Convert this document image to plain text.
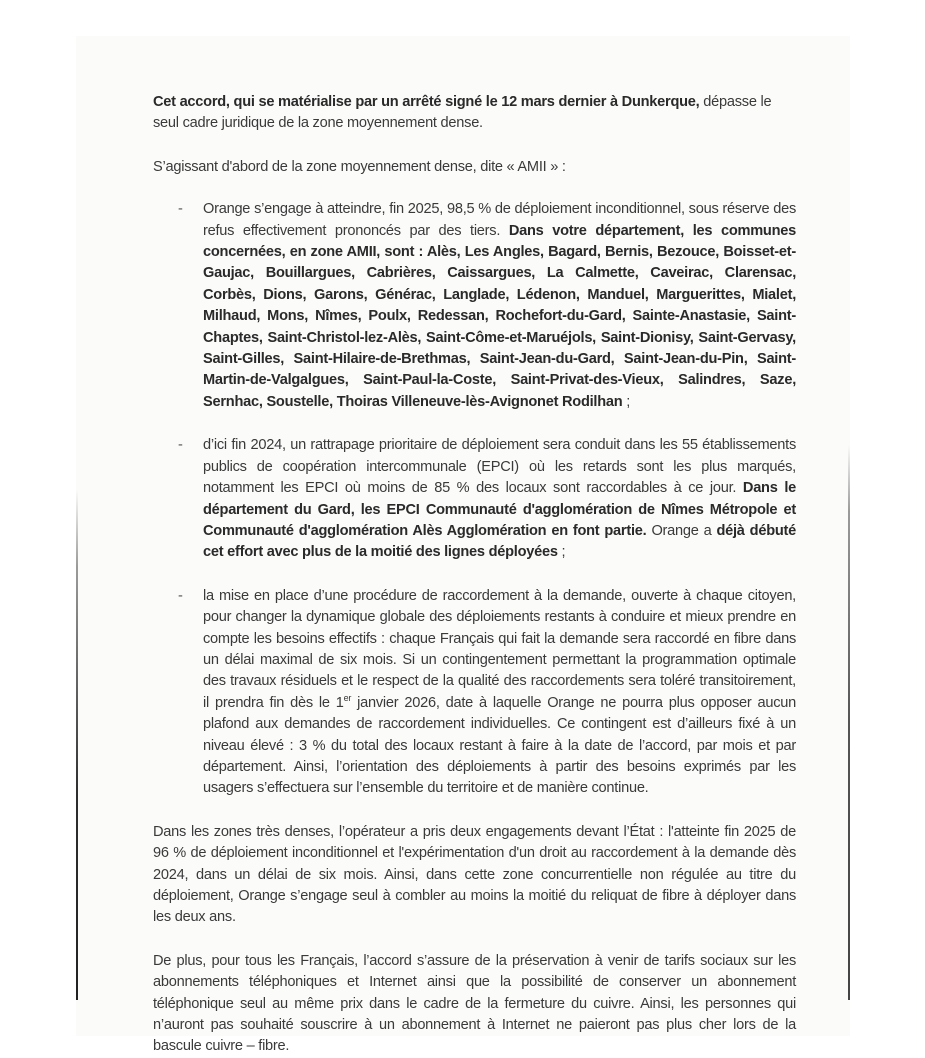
Cet accord, qui se matérialise par un arrêté signé le 12 mars dernier à Dunkerque, dépasse le seul cadre juridique de la zone moyennement dense.

S’agissant d'abord de la zone moyennement dense, dite « AMII » :

- Orange s’engage à atteindre, fin 2025, 98,5 % de déploiement inconditionnel, sous réserve des refus effectivement prononcés par des tiers. Dans votre département, les communes concernées, en zone AMII, sont : Alès, Les Angles, Bagard, Bernis, Bezouce, Boisset-et-Gaujac, Bouillargues, Cabrières, Caissargues, La Calmette, Caveirac, Clarensac, Corbès, Dions, Garons, Générac, Langlade, Lédenon, Manduel, Marguerittes, Mialet, Milhaud, Mons, Nîmes, Poulx, Redessan, Rochefort-du-Gard, Sainte-Anastasie, Saint-Chaptes, Saint-Christol-lez-Alès, Saint-Côme-et-Maruéjols, Saint-Dionisy, Saint-Gervasy, Saint-Gilles, Saint-Hilaire-de-Brethmas, Saint-Jean-du-Gard, Saint-Jean-du-Pin, Saint-Martin-de-Valgalgues, Saint-Paul-la-Coste, Saint-Privat-des-Vieux, Salindres, Saze, Sernhac, Soustelle, Thoiras Villeneuve-lès-Avignonet Rodilhan ;
- d’ici fin 2024, un rattrapage prioritaire de déploiement sera conduit dans les 55 établissements publics de coopération intercommunale (EPCI) où les retards sont les plus marqués, notamment les EPCI où moins de 85 % des locaux sont raccordables à ce jour. Dans le département du Gard, les EPCI Communauté d'agglomération de Nîmes Métropole et Communauté d'agglomération Alès Agglomération en font partie. Orange a déjà débuté cet effort avec plus de la moitié des lignes déployées ;
- la mise en place d’une procédure de raccordement à la demande, ouverte à chaque citoyen, pour changer la dynamique globale des déploiements restants à conduire et mieux prendre en compte les besoins effectifs : chaque Français qui fait la demande sera raccordé en fibre dans un délai maximal de six mois. Si un contingentement permettant la programmation optimale des travaux résiduels et le respect de la qualité des raccordements sera toléré transitoirement, il prendra fin dès le 1er janvier 2026, date à laquelle Orange ne pourra plus opposer aucun plafond aux demandes de raccordement individuelles. Ce contingent est d’ailleurs fixé à un niveau élevé : 3 % du total des locaux restant à faire à la date de l’accord, par mois et par département. Ainsi, l’orientation des déploiements à partir des besoins exprimés par les usagers s’effectuera sur l’ensemble du territoire et de manière continue.

Dans les zones très denses, l’opérateur a pris deux engagements devant l’État : l'atteinte fin 2025 de 96 % de déploiement inconditionnel et l'expérimentation d'un droit au raccordement à la demande dès 2024, dans un délai de six mois. Ainsi, dans cette zone concurrentielle non régulée au titre du déploiement, Orange s’engage seul à combler au moins la moitié du reliquat de fibre à déployer dans les deux ans.

De plus, pour tous les Français, l’accord s’assure de la préservation à venir de tarifs sociaux sur les abonnements téléphoniques et Internet ainsi que la possibilité de conserver un abonnement téléphonique seul au même prix dans le cadre de la fermeture du cuivre. Ainsi, les personnes qui n’auront pas souhaité souscrire à un abonnement à Internet ne paieront pas plus cher lors de la bascule cuivre – fibre.
